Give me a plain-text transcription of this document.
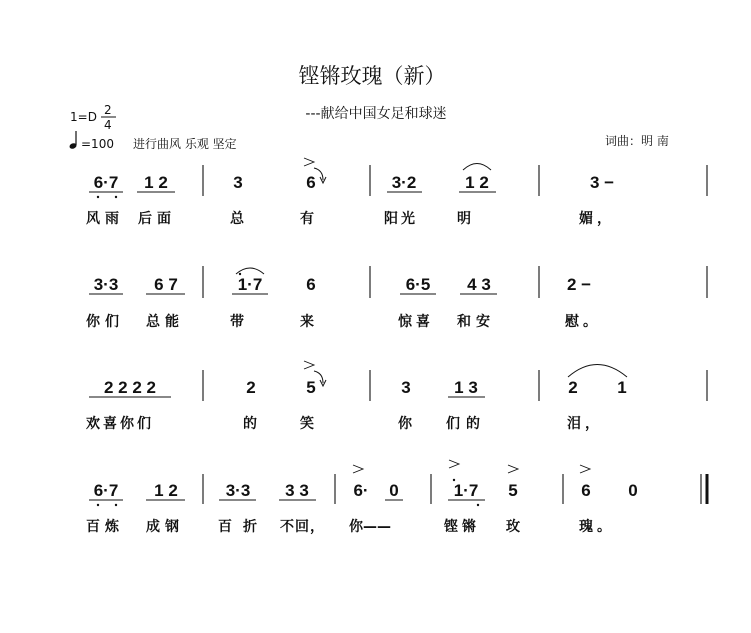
铿锵玫瑰（新）
---献给中国女足和球迷
1=D 2
4
=100 进行曲风 乐观 坚定	词曲：明 南
6·7 1 2	3	6	3·2	1 2	3 −
风雨 后面	总	有	阳光	明	媚，
3·3 6 7	1·7	6	6·5 4 3	2 −
你们 总能	带	来	惊喜 和安	慰。
2 2 2 2	2	5	3	1 3	2 1
欢喜你们	的	笑	你 们的	泪，
6·7 1 2	3·3 3 3	6· 0	1·7 5	6 0
百炼 成钢 百 折 不回， 你——	铿锵 玫	瑰。
